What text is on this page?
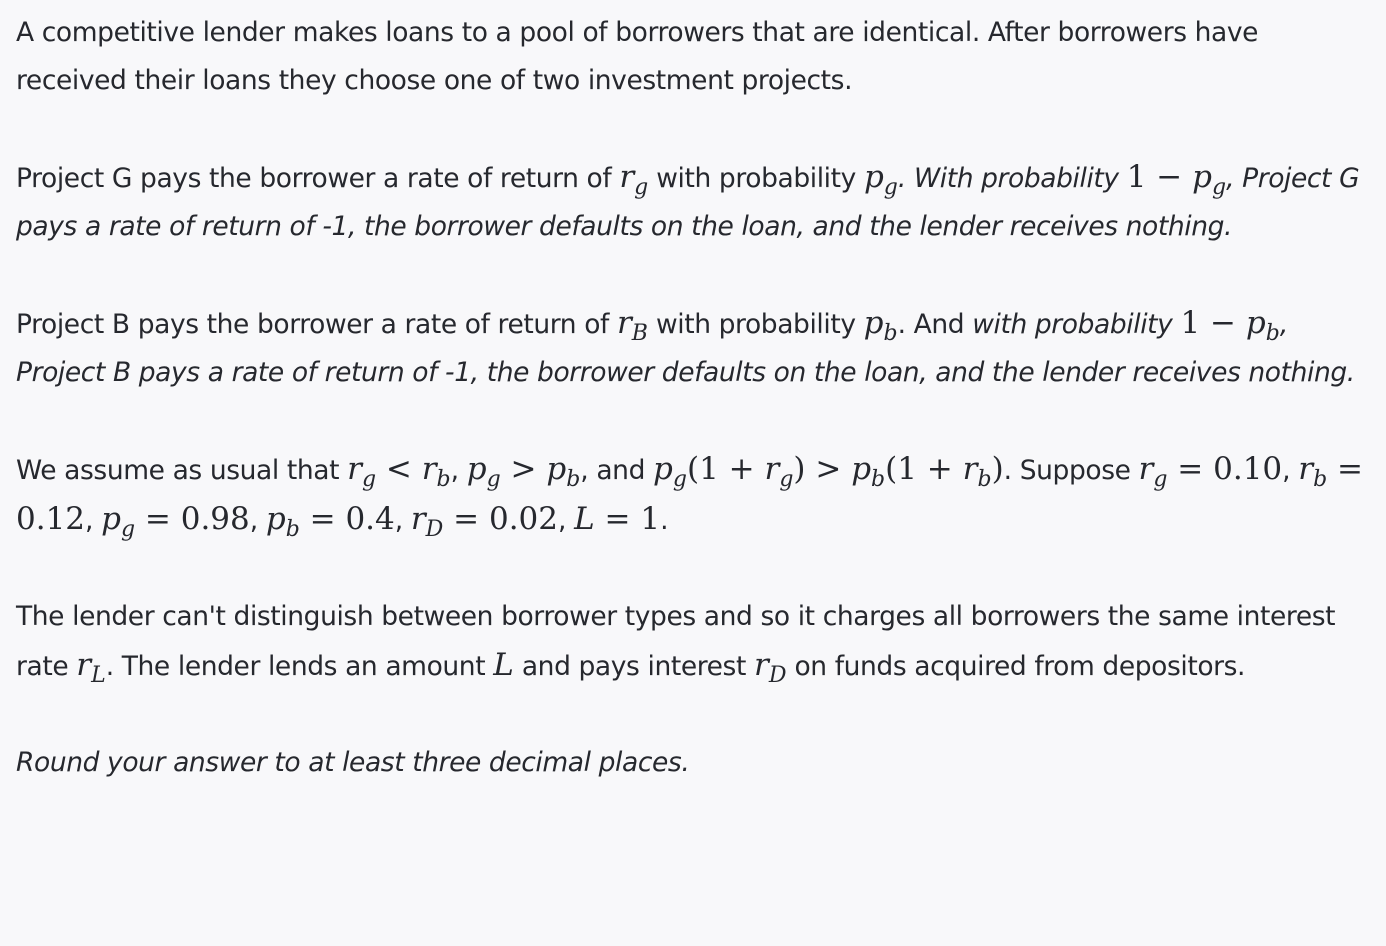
A competitive lender makes loans to a pool of borrowers that are identical. After borrowers have received their loans they choose one of two investment projects.

Project G pays the borrower a rate of return of $r_g$ with probability $p_g$. With probability $1 - p_g$, Project G pays a rate of return of -1, the borrower defaults on the loan, and the lender receives nothing.

Project B pays the borrower a rate of return of $r_B$ with probability $p_b$. And with probability $1 - p_b$, Project B pays a rate of return of -1, the borrower defaults on the loan, and the lender receives nothing.

We assume as usual that $r_g < r_b$, $p_g > p_b$, and $p_g(1 + r_g) > p_b(1 + r_b)$. Suppose $r_g = 0.10$, $r_b = 0.12$, $p_g = 0.98$, $p_b = 0.4$, $r_D = 0.02$, L = 1.

The lender can't distinguish between borrower types and so it charges all borrowers the same interest rate $r_L$. The lender lends an amount L and pays interest $r_D$ on funds acquired from depositors.

Round your answer to at least three decimal places.
